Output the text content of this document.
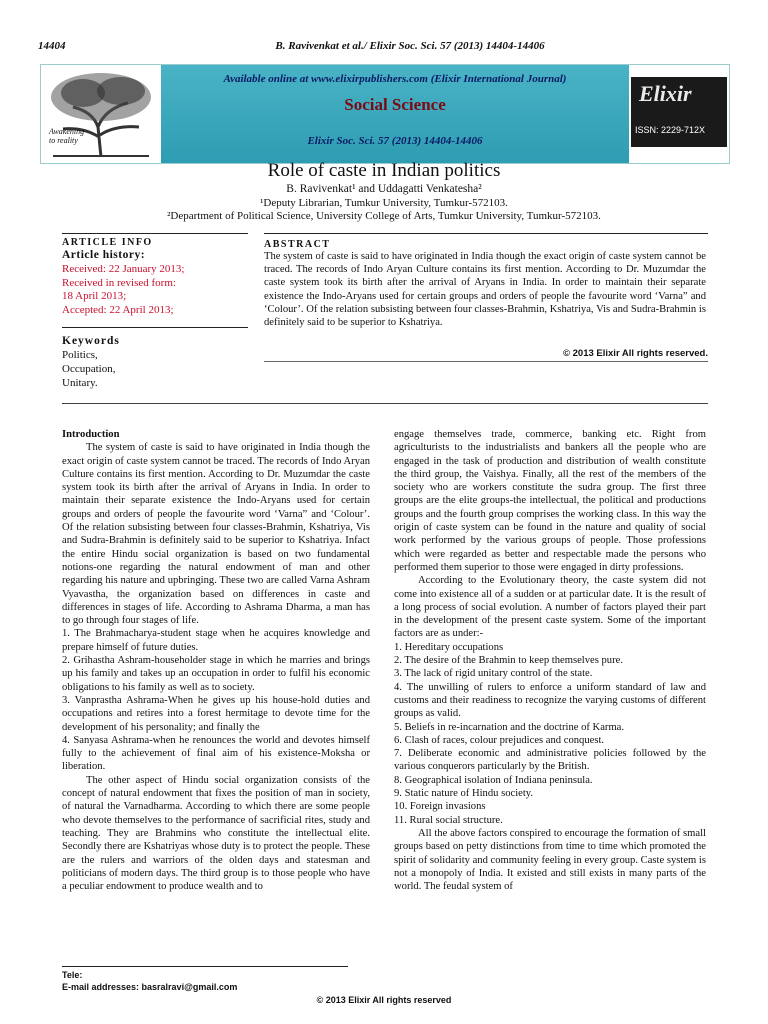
14404	B. Ravivenkat et al./ Elixir Soc. Sci. 57 (2013) 14404-14406
Awakening
to reality
Available online at www.elixirpublishers.com (Elixir International Journal)
Social Science
Elixir Soc. Sci. 57 (2013) 14404-14406
Elixir
ISSN: 2229-712X
Role of caste in Indian politics
B. Ravivenkat¹ and Uddagatti Venkatesha²
¹Deputy Librarian, Tumkur University, Tumkur-572103.
²Department of Political Science, University College of Arts, Tumkur University, Tumkur-572103.
ARTICLE INFO
Article history:
Received: 22 January 2013;
Received in revised form:
18 April 2013;
Accepted: 22 April 2013;
Keywords
Politics,
Occupation,
Unitary.
ABSTRACT
The system of caste is said to have originated in India though the exact origin of caste system cannot be traced. The records of Indo Aryan Culture contains its first mention. According to Dr. Muzumdar the caste system took its birth after the arrival of Aryans in India. In order to maintain their separate existence the Indo-Aryans used for certain groups and orders of people the favourite word ‘Varna” and ‘Colour’. Of the relation subsisting between four classes-Brahmin, Kshatriya, Vis and Sudra-Brahmin is definitely said to be superior to Kshatriya.
© 2013 Elixir All rights reserved.
Introduction

The system of caste is said to have originated in India though the exact origin of caste system cannot be traced. The records of Indo Aryan Culture contains its first mention. According to Dr. Muzumdar the caste system took its birth after the arrival of Aryans in India. In order to maintain their separate existence the Indo-Aryans used for certain groups and orders of people the favourite word ‘Varna” and ‘Colour’. Of the relation subsisting between four classes-Brahmin, Kshatriya, Vis and Sudra-Brahmin is definitely said to be superior to Kshatriya. Infact the entire Hindu social organization is based on two fundamental notions-one regarding the natural endowment of man and other regarding his nature and upbringing. These two are called Varna Ashram Vyavastha, the organization based on differences in caste and differences in stages of life. According to Ashrama Dharma, a man has to go through four stages of life.

1. The Brahmacharya-student stage when he acquires knowledge and prepare himself of future duties.

2. Grihastha Ashram-householder stage in which he marries and brings up his family and takes up an occupation in order to fulfil his economic obligations to his family as well as to society.

3. Vanprastha Ashrama-When he gives up his house-hold duties and occupations and retires into a forest hermitage to devote time for the development of his personality; and finally the

4. Sanyasa Ashrama-when he renounces the world and devotes himself fully to the achievement of final aim of his existence-Moksha or liberation.

The other aspect of Hindu social organization consists of the concept of natural endowment that fixes the position of man in society, of natural the Varnadharma. According to which there are some people who devote themselves to the performance of sacrificial rites, study and teaching. They are Brahmins who constitute the intellectual elite. Secondly there are Kshatriyas whose duty is to protect the people. These are the rulers and warriors of the olden days and statesman and politicians of modern days. The third group is to those people who have a peculiar endowment to produce wealth and to

engage themselves trade, commerce, banking etc. Right from agriculturists to the industrialists and bankers all the people who are engaged in the task of production and distribution of wealth constitute the third group, the Vaishya. Finally, all the rest of the members of the society who are workers constitute the sudra group. The first three groups are the elite groups-the intellectual, the political and productions groups and the fourth group comprises the working class. In this way the origin of caste system can be found in the nature and quality of social work performed by the various groups of people. Those professions which were regarded as better and respectable made the persons who performed them superior to those were engaged in dirty professions.

According to the Evolutionary theory, the caste system did not come into existence all of a sudden or at particular date. It is the result of a long process of social evolution. A number of factors played their part in the development of the present caste system. Some of the important factors are as under:-

1. Hereditary occupations

2. The desire of the Brahmin to keep themselves pure.

3. The lack of rigid unitary control of the state.

4. The unwilling of rulers to enforce a uniform standard of law and customs and their readiness to recognize the varying customs of different groups as valid.

5. Beliefs in re-incarnation and the doctrine of Karma.

6. Clash of races, colour prejudices and conquest.

7. Deliberate economic and administrative policies followed by the various conquerors particularly by the British.

8. Geographical isolation of Indiana peninsula.

9. Static nature of Hindu society.

10. Foreign invasions

11. Rural social structure.

All the above factors conspired to encourage the formation of small groups based on petty distinctions from time to time which promoted the spirit of solidarity and community feeling in every group. Caste system is not a monopoly of India. It existed and still exists in many parts of the world. The feudal system of

Tele:
E-mail addresses: basralravi@gmail.com
© 2013 Elixir All rights reserved
